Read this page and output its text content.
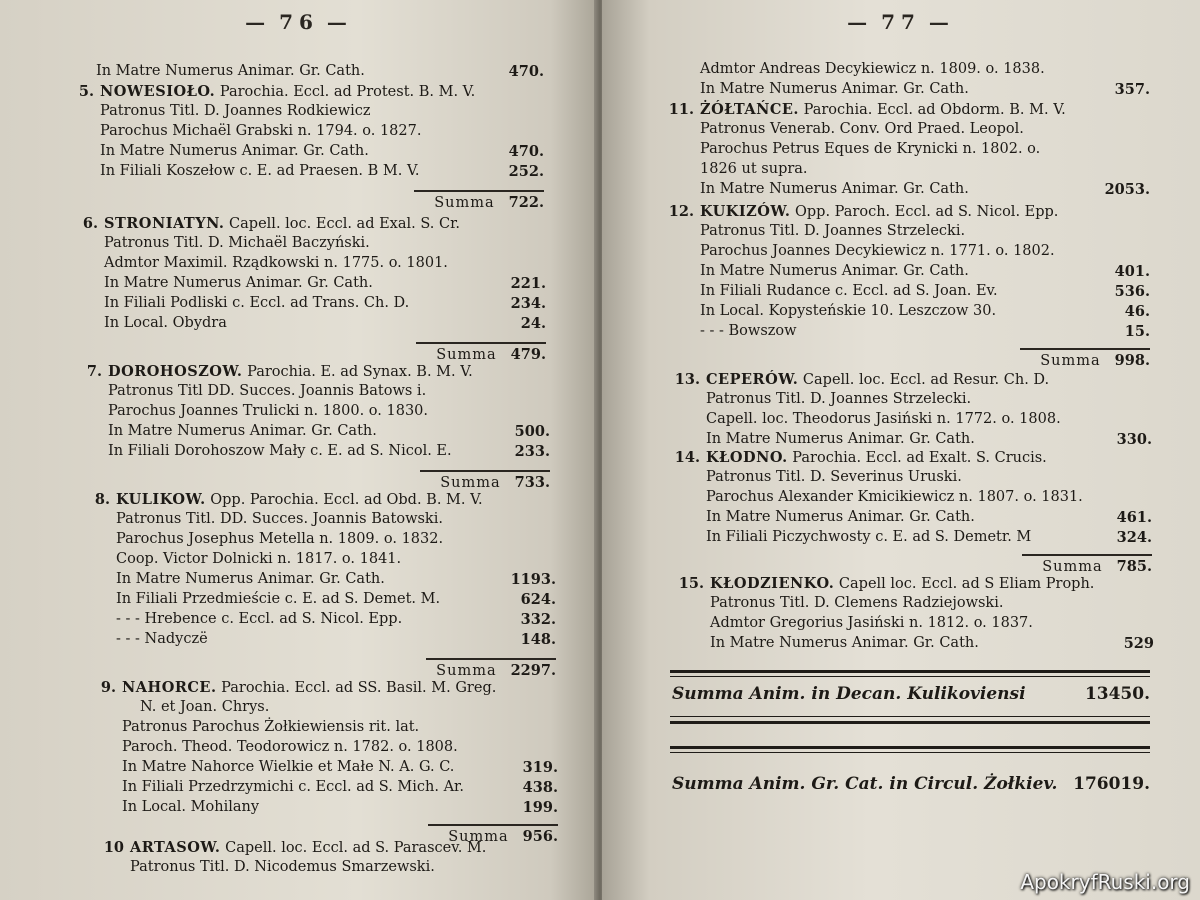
— 76 —
In Matre Numerus Animar. Gr. Cath.	470.
5. NOWESIOŁO. Parochia. Eccl. ad Protest. B. M. V.
Patronus Titl. D. Joannes Rodkiewicz
Parochus Michaël Grabski n. 1794. o. 1827.
In Matre Numerus Animar. Gr. Cath.	470.
In Filiali Koszełow c. E. ad Praesen. B M. V.	252.
Summa 722.
6. STRONIATYN. Capell. loc. Eccl. ad Exal. S. Cr.
Patronus Titl. D. Michaël Baczyński.
Admtor Maximil. Rządkowski n. 1775. o. 1801.
In Matre Numerus Animar. Gr. Cath.	221.
In Filiali Podliski c. Eccl. ad Trans. Ch. D.	234.
In Local. Obydra	24.
Summa 479.
7. DOROHOSZOW. Parochia. E. ad Synax. B. M. V.
Patronus Titl DD. Succes. Joannis Batows i.
Parochus Joannes Trulicki n. 1800. o. 1830.
In Matre Numerus Animar. Gr. Cath.	500.
In Filiali Dorohoszow Mały c. E. ad S. Nicol. E.	233.
Summa 733.
8. KULIKOW. Opp. Parochia. Eccl. ad Obd. B. M. V.
Patronus Titl. DD. Succes. Joannis Batowski.
Parochus Josephus Metella n. 1809. o. 1832.
Coop. Victor Dolnicki n. 1817. o. 1841.
In Matre Numerus Animar. Gr. Cath.	1193.
In Filiali Przedmieście c. E. ad S. Demet. M.	624.
- - - Hrebence c. Eccl. ad S. Nicol. Epp.	332.
- - - Nadyczë	148.
Summa 2297.
9. NAHORCE. Parochia. Eccl. ad SS. Basil. M. Greg.
N. et Joan. Chrys.
Patronus Parochus Żołkiewiensis rit. lat.
Paroch. Theod. Teodorowicz n. 1782. o. 1808.
In Matre Nahorce Wielkie et Małe N. A. G. C.	319.
In Filiali Przedrzymichi c. Eccl. ad S. Mich. Ar.	438.
In Local. Mohilany	199.
Summa 956.
10 ARTASOW. Capell. loc. Eccl. ad S. Parascev. M.
Patronus Titl. D. Nicodemus Smarzewski.
— 77 —
Admtor Andreas Decykiewicz n. 1809. o. 1838.
In Matre Numerus Animar. Gr. Cath.	357.
11. ŻÓŁTAŃCE. Parochia. Eccl. ad Obdorm. B. M. V.
Patronus Venerab. Conv. Ord Praed. Leopol.
Parochus Petrus Eques de Krynicki n. 1802. o.
1826 ut supra.
In Matre Numerus Animar. Gr. Cath.	2053.
12. KUKIZÓW. Opp. Paroch. Eccl. ad S. Nicol. Epp.
Patronus Titl. D. Joannes Strzelecki.
Parochus Joannes Decykiewicz n. 1771. o. 1802.
In Matre Numerus Animar. Gr. Cath.	401.
In Filiali Rudance c. Eccl. ad S. Joan. Ev.	536.
In Local. Kopysteńskie 10. Leszczow 30.	46.
- - - Bowszow	15.
Summa 998.
13. CEPERÓW. Capell. loc. Eccl. ad Resur. Ch. D.
Patronus Titl. D. Joannes Strzelecki.
Capell. loc. Theodorus Jasiński n. 1772. o. 1808.
In Matre Numerus Animar. Gr. Cath.	330.
14. KŁODNO. Parochia. Eccl. ad Exalt. S. Crucis.
Patronus Titl. D. Severinus Uruski.
Parochus Alexander Kmicikiewicz n. 1807. o. 1831.
In Matre Numerus Animar. Gr. Cath.	461.
In Filiali Piczychwosty c. E. ad S. Demetr. M	324.
Summa 785.
15. KŁODZIENKO. Capell loc. Eccl. ad S Eliam Proph.
Patronus Titl. D. Clemens Radziejowski.
Admtor Gregorius Jasiński n. 1812. o. 1837.
In Matre Numerus Animar. Gr. Cath.	529
Summa Anim. in Decan. Kulikoviensi	13450.
Summa Anim. Gr. Cat. in Circul. Żołkiev. 176019.
ApokryfRuski.org
